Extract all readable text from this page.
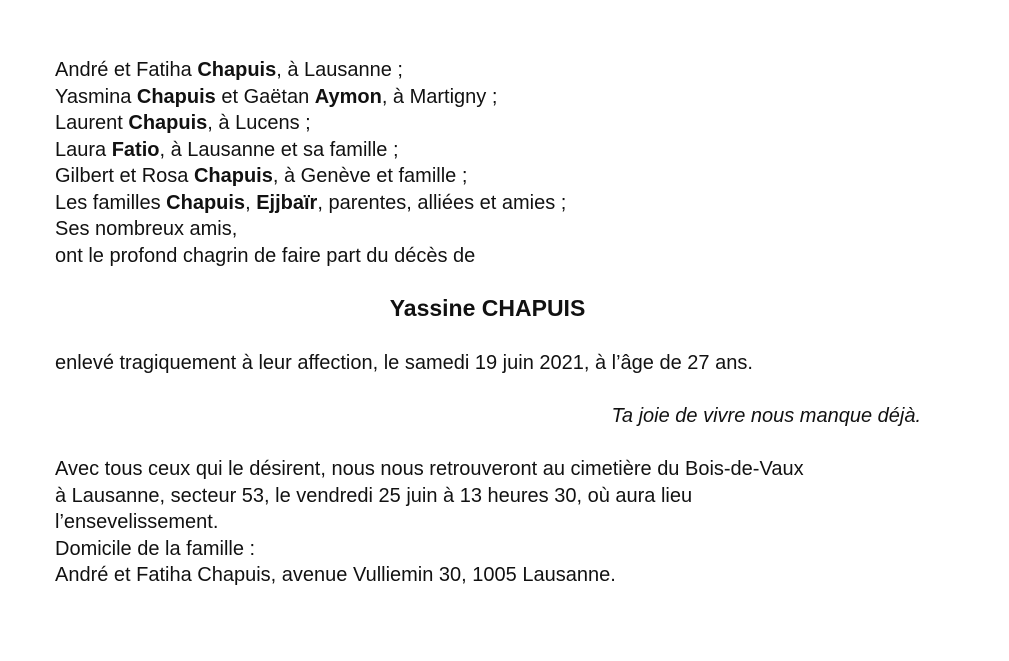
André et Fatiha Chapuis, à Lausanne ;
Yasmina Chapuis et Gaëtan Aymon, à Martigny ;
Laurent Chapuis, à Lucens ;
Laura Fatio, à Lausanne et sa famille ;
Gilbert et Rosa Chapuis, à Genève et famille ;
Les familles Chapuis, Ejjbaïr, parentes, alliées et amies ;
Ses nombreux amis,
ont le profond chagrin de faire part du décès de
Yassine CHAPUIS
enlevé tragiquement à leur affection, le samedi 19 juin 2021, à l’âge de 27 ans.
Ta joie de vivre nous manque déjà.
Avec tous ceux qui le désirent, nous nous retrouveront au cimetière du Bois-de-Vaux
à Lausanne, secteur 53, le vendredi 25 juin à 13 heures 30, où aura lieu
l’ensevelissement.
Domicile de la famille :
André et Fatiha Chapuis, avenue Vulliemin 30, 1005 Lausanne.
